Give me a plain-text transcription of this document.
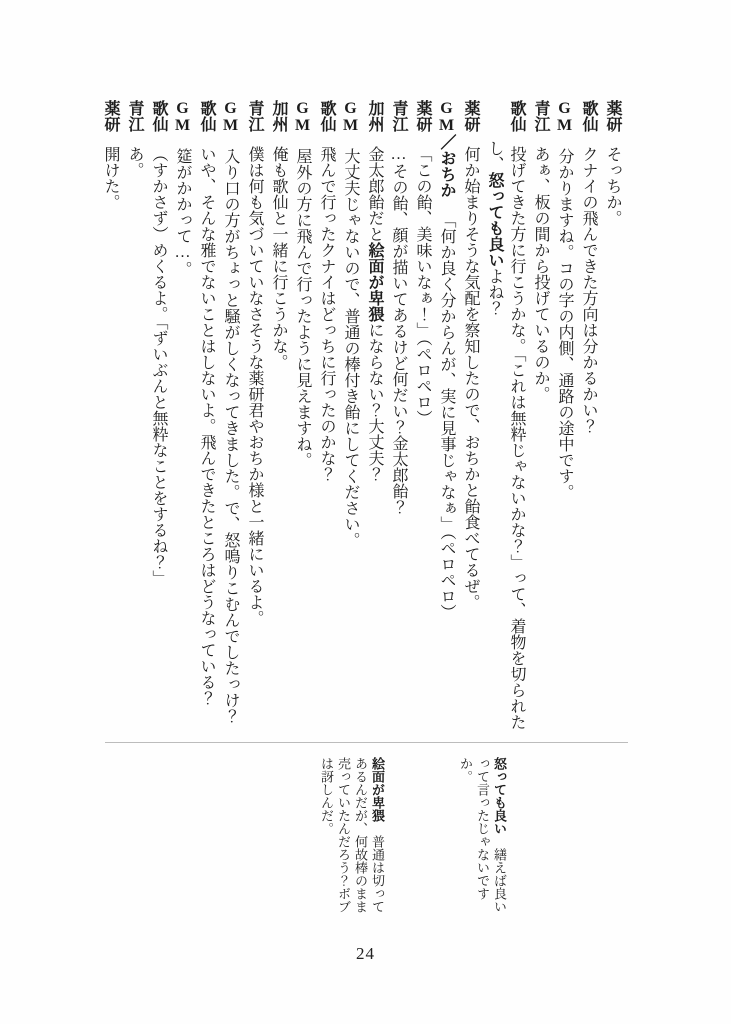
薬研そっちか。

歌仙クナイの飛んできた方向は分かるかい？

GM分かりますね。コの字の内側、通路の途中です。

青江あぁ、板の間から投げているのか。

歌仙投げてきた方に行こうかな。「これは無粋じゃないかな？」って、着物を切られたし、怒っても良いよね？

薬研何か始まりそうな気配を察知したので、おちかと飴食べてるぜ。

GM／おちか「何か良く分からんが、実に見事じゃなぁ」（ペロペロ）

薬研「この飴、美味いなぁ！」（ペロペロ）

青江…その飴、顔が描いてあるけど何だい？金太郎飴？

加州金太郎飴だと絵面が卑猥にならない？大丈夫？

GM大丈夫じゃないので、普通の棒付き飴にしてください。

歌仙飛んで行ったクナイはどっちに行ったのかな？

GM屋外の方に飛んで行ったように見えますね。

加州俺も歌仙と一緒に行こうかな。

青江僕は何も気づいていなさそうな薬研君やおちか様と一緒にいるよ。

GM入り口の方がちょっと騒がしくなってきました。で、怒鳴りこむんでしたっけ？

歌仙いや、そんな雅でないことはしないよ。飛んできたところはどうなっている？

GM筵がかかって…。

歌仙（すかさず）めくるよ。「ずいぶんと無粋なことをするね？」

青江あ。

薬研開けた。

怒っても良い　繕えば良いって言ったじゃないですか。
絵面が卑猥　普通は切ってあるんだが、何故棒のまま売っていたんだろう？ボブは訝しんだ。
24
